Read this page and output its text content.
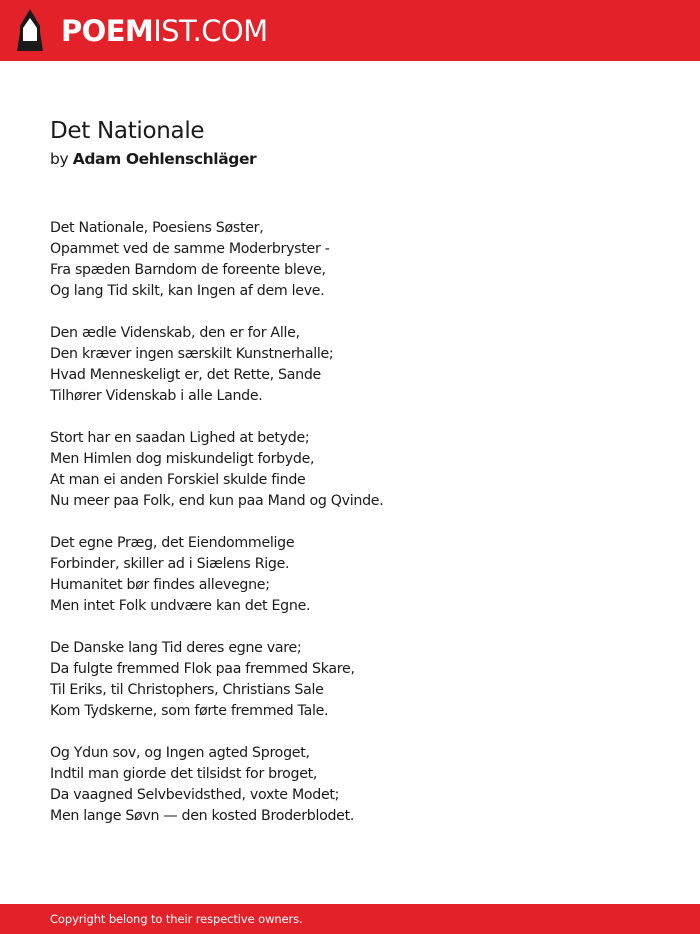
POEMIST.COM
Det Nationale
by Adam Oehlenschläger
Det Nationale, Poesiens Søster,
Opammet ved de samme Moderbryster -
Fra spæden Barndom de foreente bleve,
Og lang Tid skilt, kan Ingen af dem leve.
Den ædle Videnskab, den er for Alle,
Den kræver ingen særskilt Kunstnerhalle;
Hvad Menneskeligt er, det Rette, Sande
Tilhører Videnskab i alle Lande.
Stort har en saadan Lighed at betyde;
Men Himlen dog miskundeligt forbyde,
At man ei anden Forskiel skulde finde
Nu meer paa Folk, end kun paa Mand og Qvinde.
Det egne Præg, det Eiendommelige
Forbinder, skiller ad i Siælens Rige.
Humanitet bør findes allevegne;
Men intet Folk undvære kan det Egne.
De Danske lang Tid deres egne vare;
Da fulgte fremmed Flok paa fremmed Skare,
Til Eriks, til Christophers, Christians Sale
Kom Tydskerne, som førte fremmed Tale.
Og Ydun sov, og Ingen agted Sproget,
Indtil man giorde det tilsidst for broget,
Da vaagned Selvbevidsthed, voxte Modet;
Men lange Søvn — den kosted Broderblodet.
Copyright belong to their respective owners.
